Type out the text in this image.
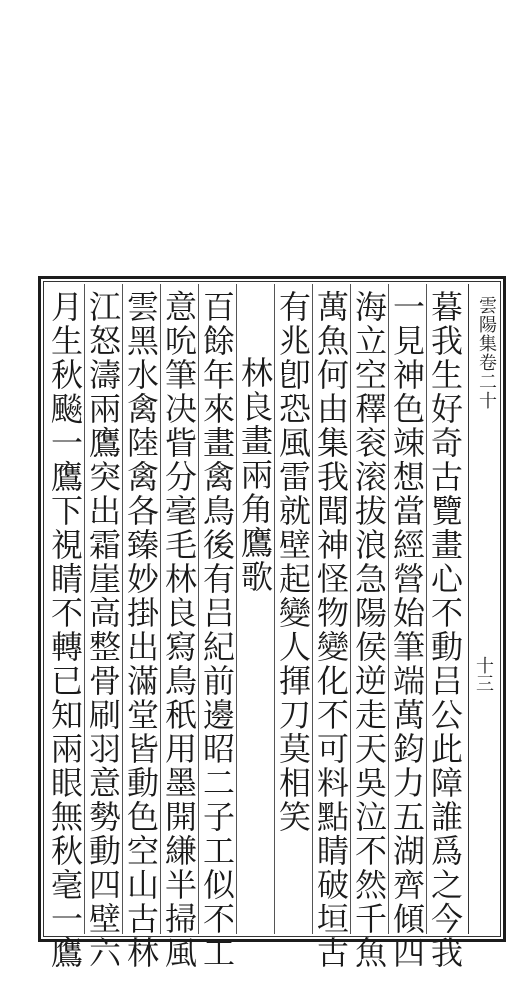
雲陽集卷二十
十三
暮我生好奇古覽畫心不動吕公此障誰爲之今我
一見神色竦想當經營始筆端萬鈞力五湖齊傾四
海立空䆁衮滚拔浪急陽侯逆走天吳泣不然千魚
萬魚何由集我聞神怪物變化不可料點睛破垣古
有兆卽恐風雷就壁起變人揮刀莫相笑
林良畫兩角鷹歌
百餘年來畫禽鳥後有吕紀前邊昭二子工似不工
意吮筆决眥分毫毛林良寫鳥秖用墨開縑半掃風
雲黑水禽陸禽各臻妙掛出滿堂皆動色空山古林
江怒濤兩鷹突出霜崖高整骨刷羽意勢動四壁六
月生秋飈一鷹下視睛不轉已知兩眼無秋毫一鷹
